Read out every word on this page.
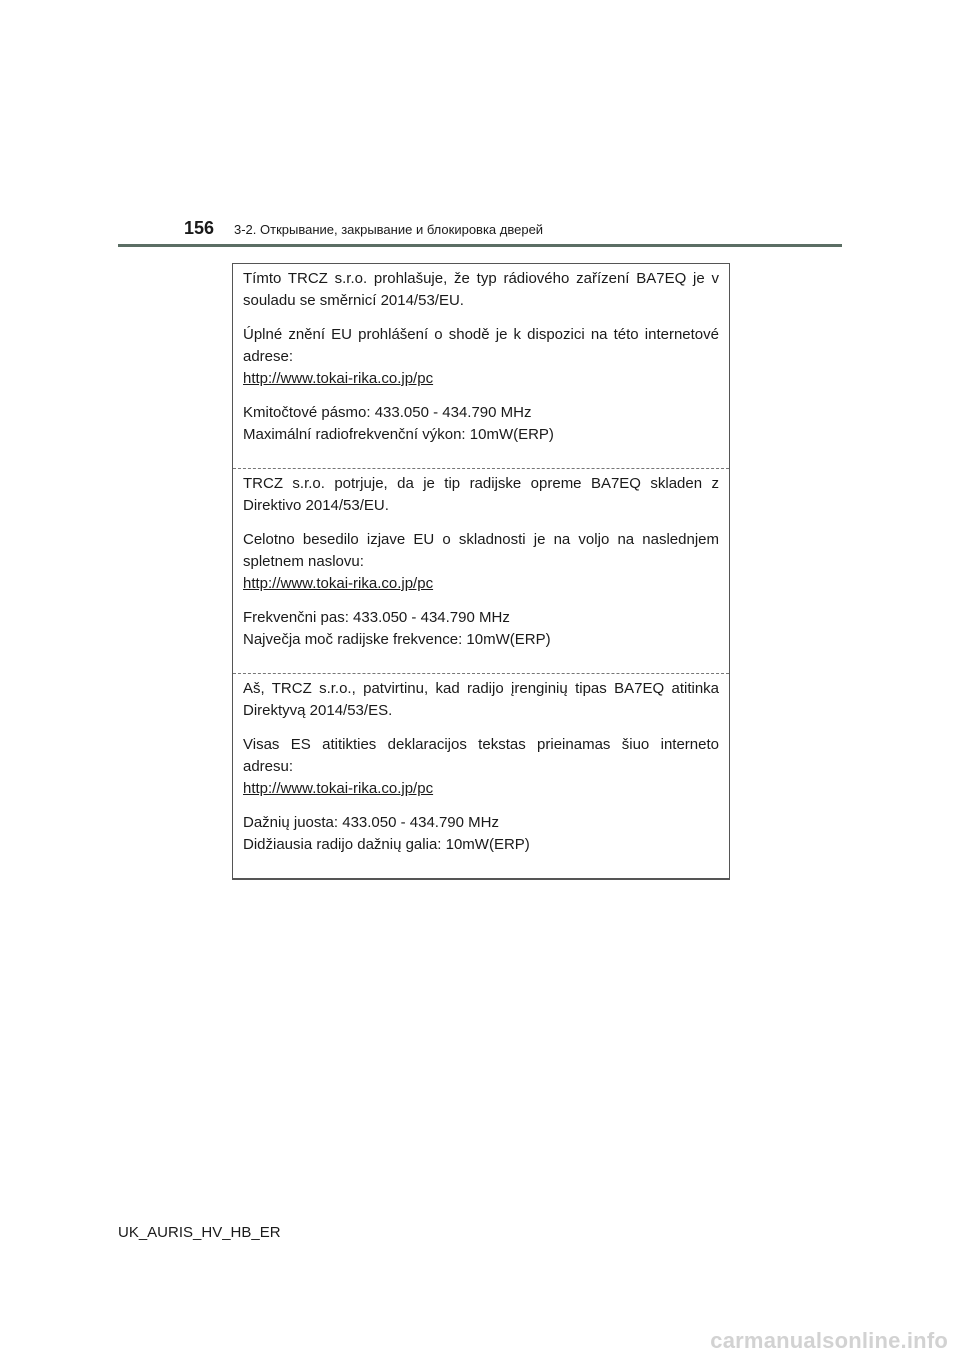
156 3-2. Открывание, закрывание и блокировка дверей

Tímto TRCZ s.r.o. prohlašuje, že typ rádiového zařízení BA7EQ je v souladu se směrnicí 2014/53/EU.

Úplné znění EU prohlášení o shodě je k dispozici na této internetové adrese:

http://www.tokai-rika.co.jp/pc
Kmitočtové pásmo: 433.050 - 434.790 MHz
Maximální radiofrekvenční výkon: 10mW(ERP)

TRCZ s.r.o. potrjuje, da je tip radijske opreme BA7EQ skladen z Direktivo 2014/53/EU.

Celotno besedilo izjave EU o skladnosti je na voljo na naslednjem spletnem naslovu:

http://www.tokai-rika.co.jp/pc
Frekvenčni pas: 433.050 - 434.790 MHz
Največja moč radijske frekvence: 10mW(ERP)

Aš, TRCZ s.r.o., patvirtinu, kad radijo įrenginių tipas BA7EQ atitinka Direktyvą 2014/53/ES.

Visas ES atitikties deklaracijos tekstas prieinamas šiuo interneto adresu:

http://www.tokai-rika.co.jp/pc
Dažnių juosta: 433.050 - 434.790 MHz
Didžiausia radijo dažnių galia: 10mW(ERP)
UK_AURIS_HV_HB_ER
carmanualsonline.info
